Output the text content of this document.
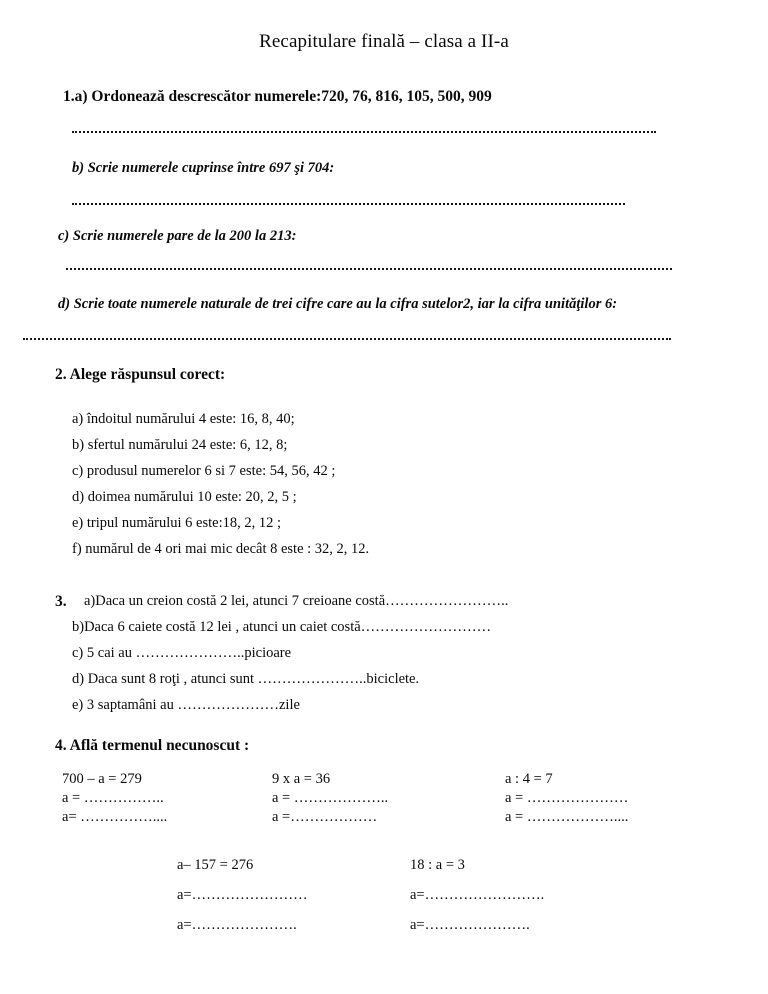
Recapitulare finală – clasa a II-a
1.a) Ordonează descrescător numerele:720, 76, 816, 105, 500, 909
b) Scrie numerele cuprinse între 697 şi 704:
c) Scrie numerele pare de la 200 la 213:
d) Scrie toate numerele naturale de trei cifre care au la cifra sutelor2, iar la cifra unităţilor 6:
2. Alege răspunsul corect:
a) îndoitul numărului 4 este: 16, 8, 40;
b) sfertul numărului 24 este: 6, 12, 8;
c) produsul numerelor 6 si 7 este: 54, 56, 42 ;
d) doimea numărului 10 este: 20, 2, 5 ;
e) tripul numărului 6 este:18, 2, 12 ;
f) numărul de 4 ori mai mic decât 8 este : 32, 2, 12.
3. a)Daca un creion costă 2 lei, atunci 7 creioane costă……………………..
b)Daca 6 caiete costă 12 lei , atunci un caiet costă………………………
c) 5 cai au …………………..picioare
d) Daca sunt 8 roţi , atunci sunt …………………..biciclete.
e) 3 saptamâni au …………………zile
4. Află termenul necunoscut :
700 – a = 279
a = ……………..
a= ……………....
9 x a = 36
a = ………………..
a =………………
a : 4 = 7
a = …………………
a = ………………....
a– 157 = 276
a=……………………
a=………………….
18 : a = 3
a=…………………….
a=………………….
